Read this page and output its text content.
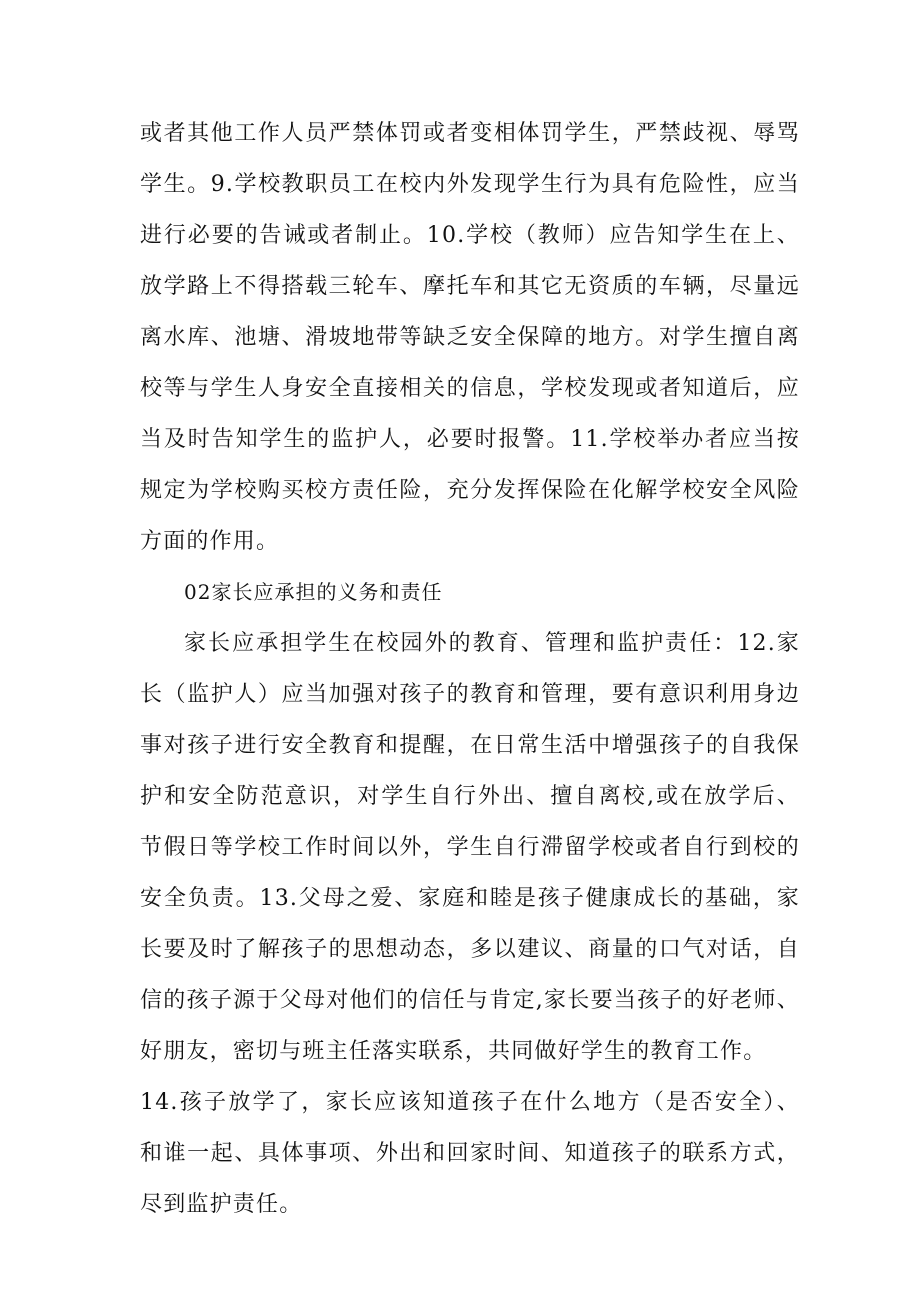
或者其他工作人员严禁体罚或者变相体罚学生，严禁歧视、辱骂
学生。9.学校教职员工在校内外发现学生行为具有危险性，应当
进行必要的告诫或者制止。10.学校（教师）应告知学生在上、
放学路上不得搭载三轮车、摩托车和其它无资质的车辆，尽量远
离水库、池塘、滑坡地带等缺乏安全保障的地方。对学生擅自离
校等与学生人身安全直接相关的信息，学校发现或者知道后，应
当及时告知学生的监护人，必要时报警。11.学校举办者应当按
规定为学校购买校方责任险，充分发挥保险在化解学校安全风险
方面的作用。
02家长应承担的义务和责任
家长应承担学生在校园外的教育、管理和监护责任：12.家
长（监护人）应当加强对孩子的教育和管理，要有意识利用身边
事对孩子进行安全教育和提醒，在日常生活中增强孩子的自我保
护和安全防范意识，对学生自行外出、擅自离校,或在放学后、
节假日等学校工作时间以外，学生自行滞留学校或者自行到校的
安全负责。13.父母之爱、家庭和睦是孩子健康成长的基础，家
长要及时了解孩子的思想动态，多以建议、商量的口气对话，自
信的孩子源于父母对他们的信任与肯定,家长要当孩子的好老师、
好朋友，密切与班主任落实联系，共同做好学生的教育工作。
14.孩子放学了，家长应该知道孩子在什么地方（是否安全）、
和谁一起、具体事项、外出和回家时间、知道孩子的联系方式，
尽到监护责任。
